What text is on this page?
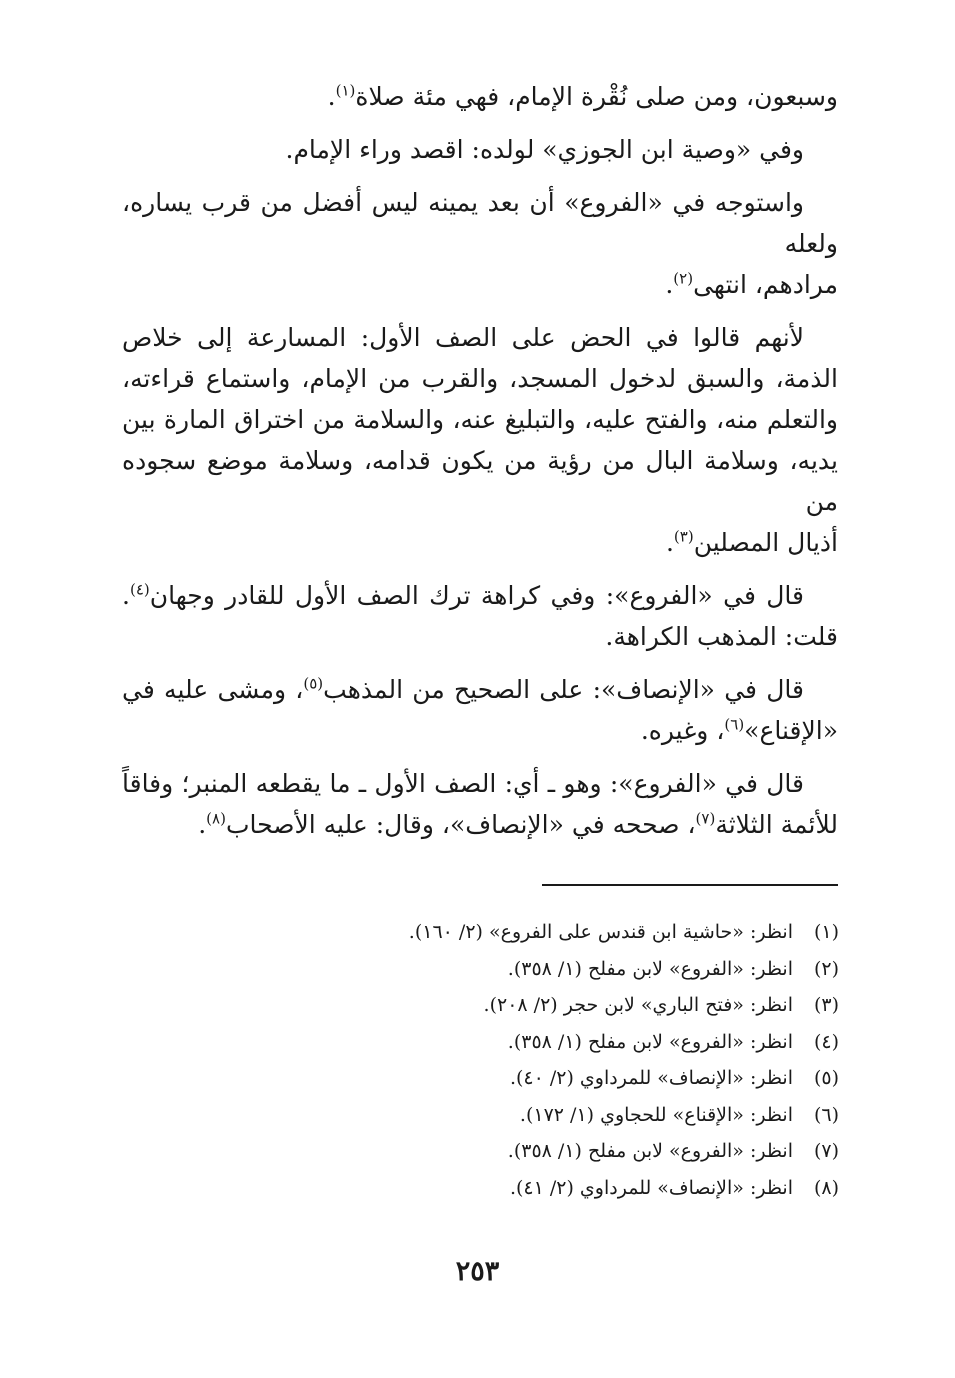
وسبعون، ومن صلى نُقْرة الإمام، فهي مئة صلاة$^{(١)}$.

وفي «وصية ابن الجوزي» لولده: اقصد وراء الإمام.

واستوجه في «الفروع» أن بعد يمينه ليس أفضل من قرب يساره، ولعله
مرادهم، انتهى$^{(٢)}$.

لأنهم قالوا في الحض على الصف الأول: المسارعة إلى خلاص
الذمة، والسبق لدخول المسجد، والقرب من الإمام، واستماع قراءته،
والتعلم منه، والفتح عليه، والتبليغ عنه، والسلامة من اختراق المارة بين
يديه، وسلامة البال من رؤية من يكون قدامه، وسلامة موضع سجوده من
أذيال المصلين$^{(٣)}$.

قال في «الفروع»: وفي كراهة ترك الصف الأول للقادر وجهان$^{(٤)}$.
قلت: المذهب الكراهة.

قال في «الإنصاف»: على الصحيح من المذهب$^{(٥)}$، ومشى عليه في
«الإقناع»$^{(٦)}$، وغيره.

قال في «الفروع»: وهو ـ أي: الصف الأول ـ ما يقطعه المنبر؛ وفاقاً
للأئمة الثلاثة$^{(٧)}$، صححه في «الإنصاف»، وقال: عليه الأصحاب$^{(٨)}$.

(١)انظر: «حاشية ابن قندس على الفروع» (٢/ ١٦٠).
(٢)انظر: «الفروع» لابن مفلح (١/ ٣٥٨).
(٣)انظر: «فتح الباري» لابن حجر (٢/ ٢٠٨).
(٤)انظر: «الفروع» لابن مفلح (١/ ٣٥٨).
(٥)انظر: «الإنصاف» للمرداوي (٢/ ٤٠).
(٦)انظر: «الإقناع» للحجاوي (١/ ١٧٢).
(٧)انظر: «الفروع» لابن مفلح (١/ ٣٥٨).
(٨)انظر: «الإنصاف» للمرداوي (٢/ ٤١).
٢٥٣
